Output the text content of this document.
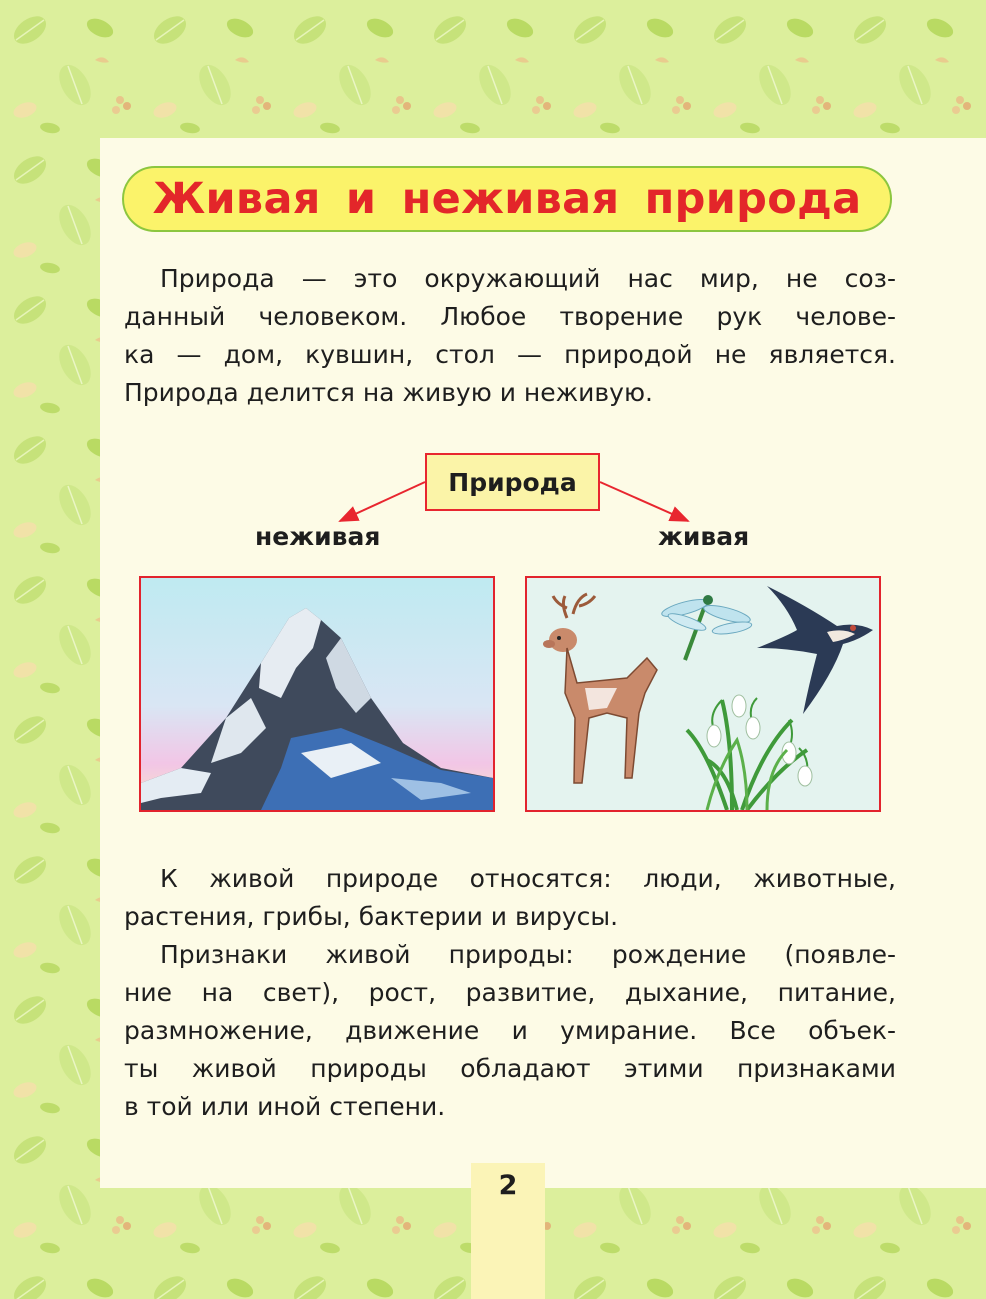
Живая и неживая природа
Природа — это окружающий нас мир, не соз-
данный человеком. Любое творение рук челове-
ка — дом, кувшин, стол — природой не является.
Природа делится на живую и неживую.
Природа
неживая	живая
К живой природе относятся: люди, животные,
растения, грибы, бактерии и вирусы.
Признаки живой природы: рождение (появле-
ние на свет), рост, развитие, дыхание, питание,
размножение, движение и умирание. Все объек-
ты живой природы обладают этими признаками
в той или иной степени.
2
